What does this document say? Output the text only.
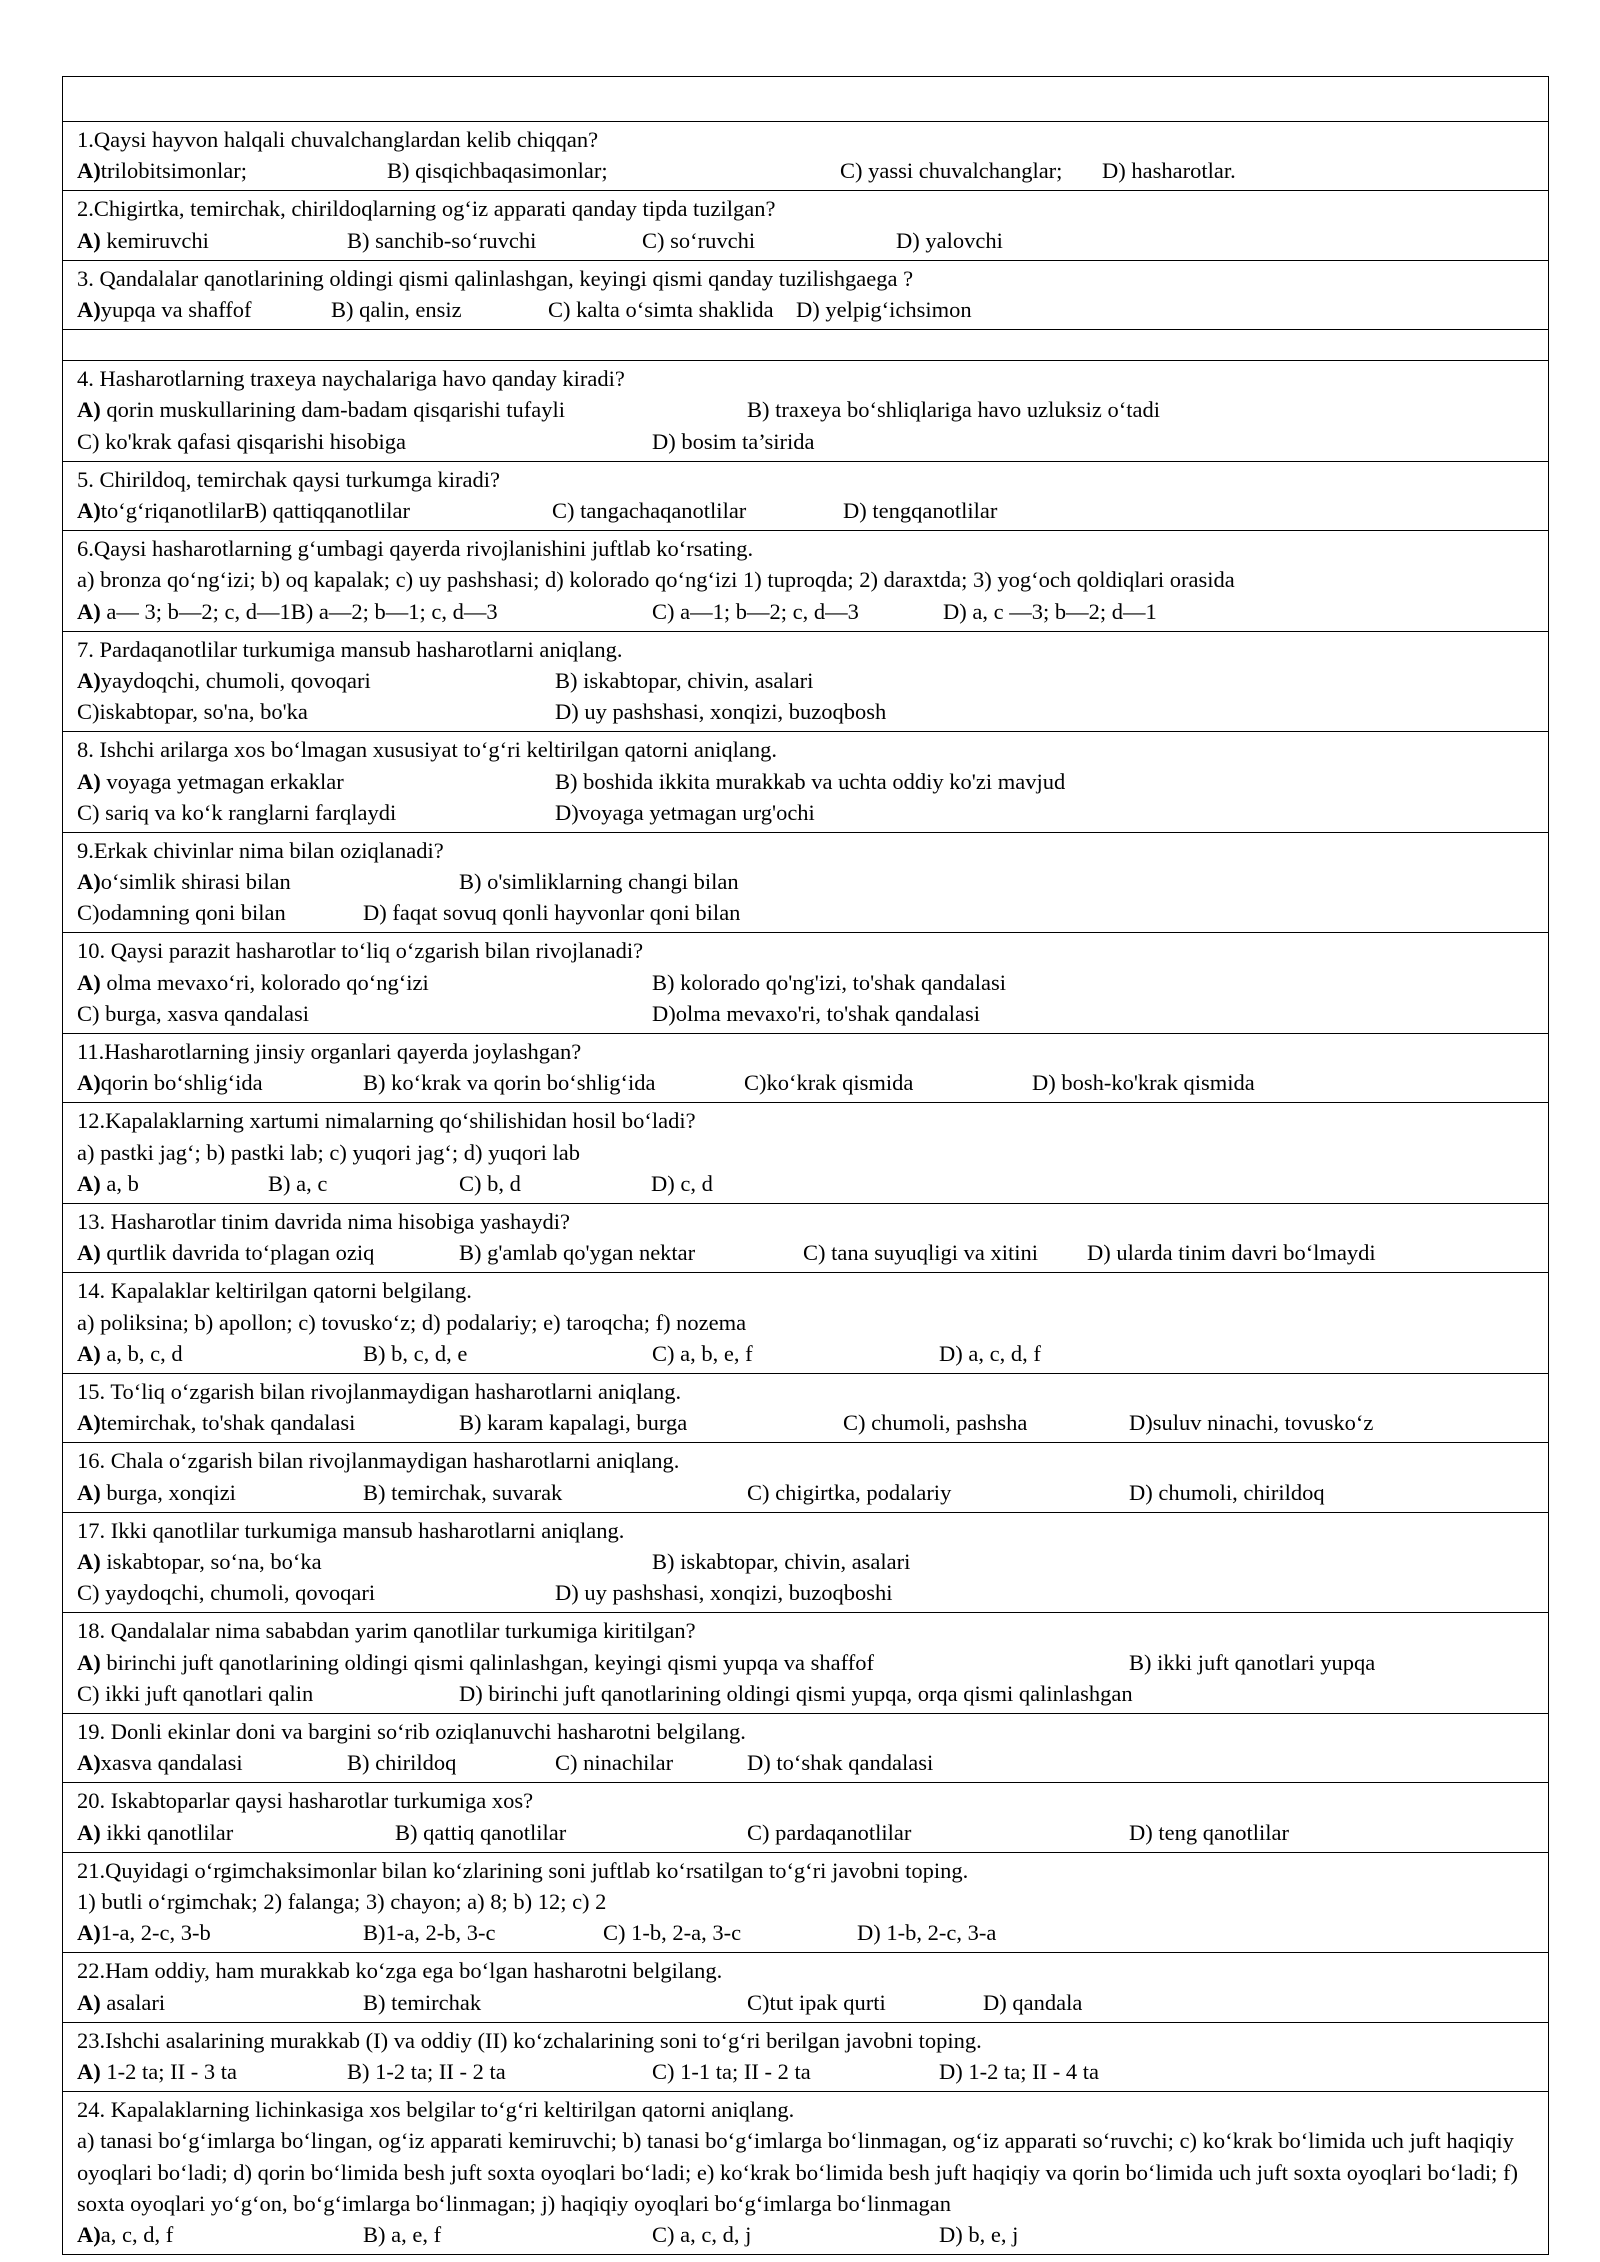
1.Qaysi hayvon halqali chuvalchanglardan kelib chiqqan?
A)trilobitsimonlar;	B) qisqichbaqasimonlar;	C) yassi chuvalchanglar; D) hasharotlar.

2.Chigirtka, temirchak, chirildoqlarning og‘iz apparati qanday tipda tuzilgan?
A) kemiruvchi	B) sanchib-so‘ruvchi	C) so‘ruvchi	D) yalovchi

3. Qandalalar qanotlarining oldingi qismi qalinlashgan, keyingi qismi qanday tuzilishgaega ?
A)yupqa va shaffof	B) qalin, ensiz	C) kalta o‘simta shaklida D) yelpig‘ichsimon

4. Hasharotlarning traxeya naychalariga havo qanday kiradi?
A) qorin muskullarining dam-badam qisqarishi tufayli	B) traxeya bo‘shliqlariga havo uzluksiz o‘tadi
C) ko'krak qafasi qisqarishi hisobiga	D) bosim ta’sirida

5. Chirildoq, temirchak qaysi turkumga kiradi?
A)to‘g‘riqanotlilarB) qattiqqanotlilar	C) tangachaqanotlilar	D) tengqanotlilar

6.Qaysi hasharotlarning g‘umbagi qayerda rivojlanishini juftlab ko‘rsating.
a) bronza qo‘ng‘izi; b) oq kapalak; c) uy pashshasi; d) kolorado qo‘ng‘izi 1) tuproqda; 2) daraxtda; 3) yog‘och qoldiqlari orasida
A) a— 3; b—2; c, d—1B) a—2; b—1; c, d—3	C) a—1; b—2; c, d—3	D) a, c —3; b—2; d—1

7. Pardaqanotlilar turkumiga mansub hasharotlarni aniqlang.
A)yaydoqchi, chumoli, qovoqari	B) iskabtopar, chivin, asalari
C)iskabtopar, so'na, bo'ka	D) uy pashshasi, xonqizi, buzoqbosh

8. Ishchi arilarga xos bo‘lmagan xususiyat to‘g‘ri keltirilgan qatorni aniqlang.
A) voyaga yetmagan erkaklar	B) boshida ikkita murakkab va uchta oddiy ko'zi mavjud
C) sariq va ko‘k ranglarni farqlaydi	D)voyaga yetmagan urg'ochi

9.Erkak chivinlar nima bilan oziqlanadi?
A)o‘simlik shirasi bilan	B) o'simliklarning changi bilan
C)odamning qoni bilan	D) faqat sovuq qonli hayvonlar qoni bilan

10. Qaysi parazit hasharotlar to‘liq o‘zgarish bilan rivojlanadi?
A) olma mevaxo‘ri, kolorado qo‘ng‘izi	B) kolorado qo'ng'izi, to'shak qandalasi
C) burga, xasva qandalasi	D)olma mevaxo'ri, to'shak qandalasi

11.Hasharotlarning jinsiy organlari qayerda joylashgan?
A)qorin bo‘shlig‘ida	B) ko‘krak va qorin bo‘shlig‘ida	C)ko‘krak qismida	D) bosh-ko'krak qismida

12.Kapalaklarning xartumi nimalarning qo‘shilishidan hosil bo‘ladi?
a) pastki jag‘; b) pastki lab; c) yuqori jag‘; d) yuqori lab
A) a, b	B) a, c	C) b, d	D) c, d

13. Hasharotlar tinim davrida nima hisobiga yashaydi?
A) qurtlik davrida to‘plagan oziq	B) g'amlab qo'ygan nektar	C) tana suyuqligi va xitini D) ularda tinim davri bo‘lmaydi

14. Kapalaklar keltirilgan qatorni belgilang.
a) poliksina; b) apollon; c) tovusko‘z; d) podalariy; e) taroqcha; f) nozema
A) a, b, c, d	B) b, c, d, e	C) a, b, e, f	D) a, c, d, f

15. To‘liq o‘zgarish bilan rivojlanmaydigan hasharotlarni aniqlang.
A)temirchak, to'shak qandalasi	B) karam kapalagi, burga	C) chumoli, pashsha	D)suluv ninachi, tovusko‘z

16. Chala o‘zgarish bilan rivojlanmaydigan hasharotlarni aniqlang.
A) burga, xonqizi	B) temirchak, suvarak	C) chigirtka, podalariy	D) chumoli, chirildoq

17. Ikki qanotlilar turkumiga mansub hasharotlarni aniqlang.
A) iskabtopar, so‘na, bo‘ka	B) iskabtopar, chivin, asalari
C) yaydoqchi, chumoli, qovoqari	D) uy pashshasi, xonqizi, buzoqboshi

18. Qandalalar nima sababdan yarim qanotlilar turkumiga kiritilgan?
A) birinchi juft qanotlarining oldingi qismi qalinlashgan, keyingi qismi yupqa va shaffof	B) ikki juft qanotlari yupqa
C) ikki juft qanotlari qalin	D) birinchi juft qanotlarining oldingi qismi yupqa, orqa qismi qalinlashgan

19. Donli ekinlar doni va bargini so‘rib oziqlanuvchi hasharotni belgilang.
A)xasva qandalasi	B) chirildoq	C) ninachilar	D) to‘shak qandalasi

20. Iskabtoparlar qaysi hasharotlar turkumiga xos?
A) ikki qanotlilar	B) qattiq qanotlilar	C) pardaqanotlilar	D) teng qanotlilar

21.Quyidagi o‘rgimchaksimonlar bilan ko‘zlarining soni juftlab ko‘rsatilgan to‘g‘ri javobni toping.
1) butli o‘rgimchak; 2) falanga; 3) chayon; a) 8; b) 12; c) 2
A)1-a, 2-c, 3-b	B)1-a, 2-b, 3-c	C) 1-b, 2-a, 3-c	D) 1-b, 2-c, 3-a

22.Ham oddiy, ham murakkab ko‘zga ega bo‘lgan hasharotni belgilang.
A) asalari	B) temirchak	C)tut ipak qurti	D) qandala

23.Ishchi asalarining murakkab (I) va oddiy (II) ko‘zchalarining soni to‘g‘ri berilgan javobni toping.
A) 1-2 ta; II - 3 ta	B) 1-2 ta; II - 2 ta	C) 1-1 ta; II - 2 ta	D) 1-2 ta; II - 4 ta

24. Kapalaklarning lichinkasiga xos belgilar to‘g‘ri keltirilgan qatorni aniqlang.
a) tanasi bo‘g‘imlarga bo‘lingan, og‘iz apparati kemiruvchi; b) tanasi bo‘g‘imlarga bo‘linmagan, og‘iz apparati so‘ruvchi; c) ko‘krak bo‘limida uch juft haqiqiy oyoqlari bo‘ladi; d) qorin bo‘limida besh juft soxta oyoqlari bo‘ladi; e) ko‘krak bo‘limida besh juft haqiqiy va qorin bo‘limida uch juft soxta oyoqlari bo‘ladi; f) soxta oyoqlari yo‘g‘on, bo‘g‘imlarga bo‘linmagan; j) haqiqiy oyoqlari bo‘g‘imlarga bo‘linmagan
A)a, c, d, f	B) a, e, f	C) a, c, d, j	D) b, e, j
